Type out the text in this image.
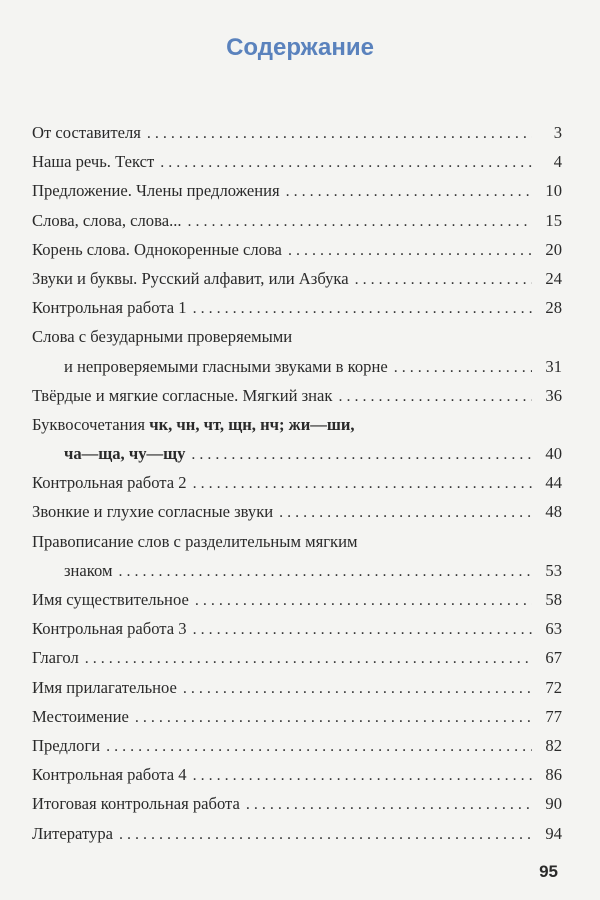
Содержание
От составителя . . .	3
Наша речь. Текст . . .	4
Предложение. Члены предложения . . .	10
Слова, слова, слова... . . .	15
Корень слова. Однокоренные слова . . .	20
Звуки и буквы. Русский алфавит, или Азбука . . .	24
Контрольная работа 1 . . .	28
Слова с безударными проверяемыми
и непроверяемыми гласными звуками в корне . . .	31
Твёрдые и мягкие согласные. Мягкий знак . . .	36
Буквосочетания чк, чн, чт, щн, нч; жи—ши,
ча—ща, чу—щу . . .	40
Контрольная работа 2 . . .	44
Звонкие и глухие согласные звуки . . .	48
Правописание слов с разделительным мягким
знаком . . .	53
Имя существительное . . .	58
Контрольная работа 3 . . .	63
Глагол . . .	67
Имя прилагательное . . .	72
Местоимение . . .	77
Предлоги . . .	82
Контрольная работа 4 . . .	86
Итоговая контрольная работа . . .	90
Литература . . .	94
95
